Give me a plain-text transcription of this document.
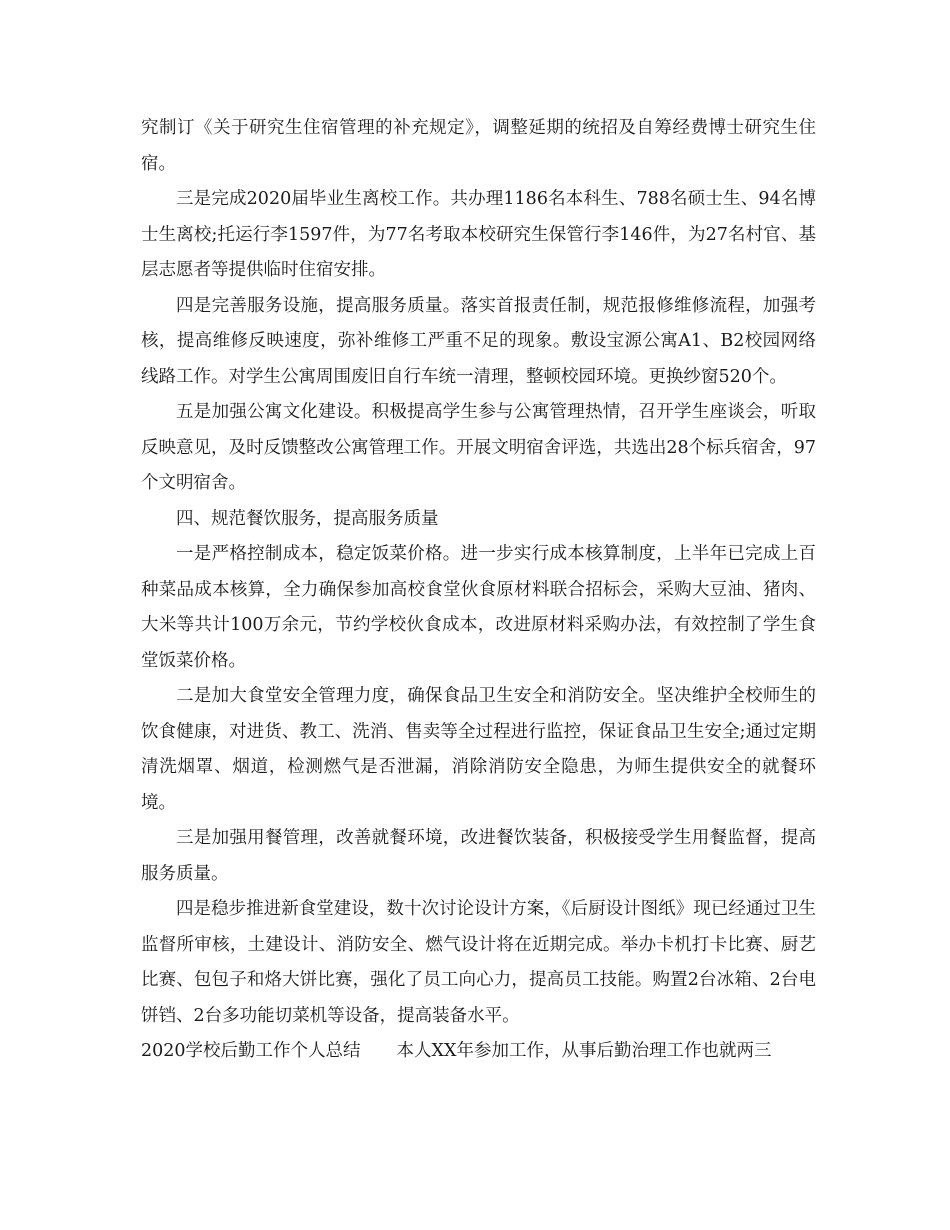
究制订《关于研究生住宿管理的补充规定》，调整延期的统招及自筹经费博士研究生住宿。

三是完成2020届毕业生离校工作。共办理1186名本科生、788名硕士生、94名博士生离校;托运行李1597件，为77名考取本校研究生保管行李146件，为27名村官、基层志愿者等提供临时住宿安排。

四是完善服务设施，提高服务质量。落实首报责任制，规范报修维修流程，加强考核，提高维修反映速度，弥补维修工严重不足的现象。敷设宝源公寓A1、B2校园网络线路工作。对学生公寓周围废旧自行车统一清理，整顿校园环境。更换纱窗520个。

五是加强公寓文化建设。积极提高学生参与公寓管理热情，召开学生座谈会，听取反映意见，及时反馈整改公寓管理工作。开展文明宿舍评选，共选出28个标兵宿舍，97个文明宿舍。

四、规范餐饮服务，提高服务质量

一是严格控制成本，稳定饭菜价格。进一步实行成本核算制度，上半年已完成上百种菜品成本核算，全力确保参加高校食堂伙食原材料联合招标会，采购大豆油、猪肉、大米等共计100万余元，节约学校伙食成本，改进原材料采购办法，有效控制了学生食堂饭菜价格。

二是加大食堂安全管理力度，确保食品卫生安全和消防安全。坚决维护全校师生的饮食健康，对进货、教工、洗消、售卖等全过程进行监控，保证食品卫生安全;通过定期清洗烟罩、烟道，检测燃气是否泄漏，消除消防安全隐患，为师生提供安全的就餐环境。

三是加强用餐管理，改善就餐环境，改进餐饮装备，积极接受学生用餐监督，提高服务质量。

四是稳步推进新食堂建设，数十次讨论设计方案，《后厨设计图纸》现已经通过卫生监督所审核，土建设计、消防安全、燃气设计将在近期完成。举办卡机打卡比赛、厨艺比赛、包包子和烙大饼比赛，强化了员工向心力，提高员工技能。购置2台冰箱、2台电饼铛、2台多功能切菜机等设备，提高装备水平。

2020学校后勤工作个人总结 本人XX年参加工作，从事后勤治理工作也就两三
